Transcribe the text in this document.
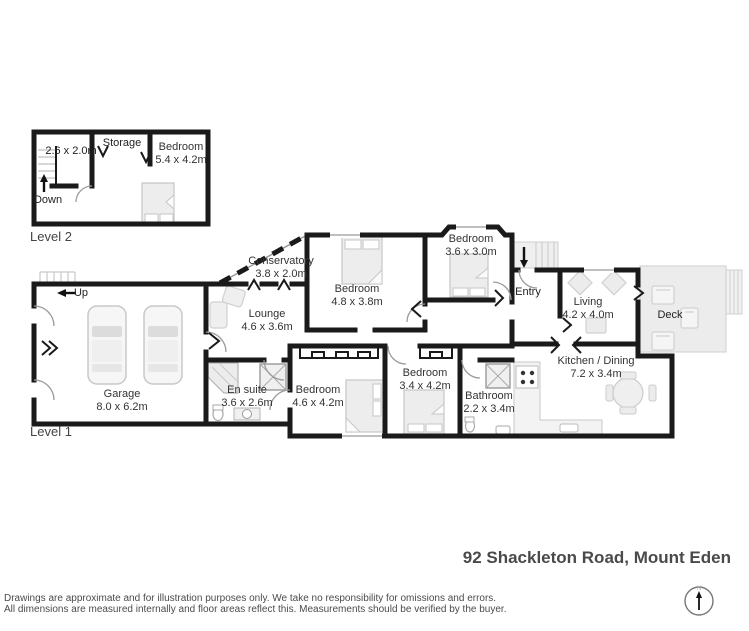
2.6 x 2.0m
Storage	Bedroom
5.4 x 4.2m
Down
Level 2
Up
Garage
8.0 x 6.2m
Level 1
Conservatory
3.8 x 2.0m
Lounge
4.6 x 3.6m
Bedroom
4.8 x 3.8m
Bedroom
3.6 x 3.0m
Entry
Living
4.2 x 4.0m	Deck
Kitchen / Dining
7.2 x 3.4m
En suite
3.6 x 2.6m
Bedroom
4.6 x 4.2m
Bedroom
3.4 x 4.2m
Bathroom
2.2 x 3.4m
92 Shackleton Road, Mount Eden
Drawings are approximate and for illustration purposes only. We take no responsibility for omissions and errors.
All dimensions are measured internally and floor areas reflect this. Measurements should be verified by the buyer.
N
